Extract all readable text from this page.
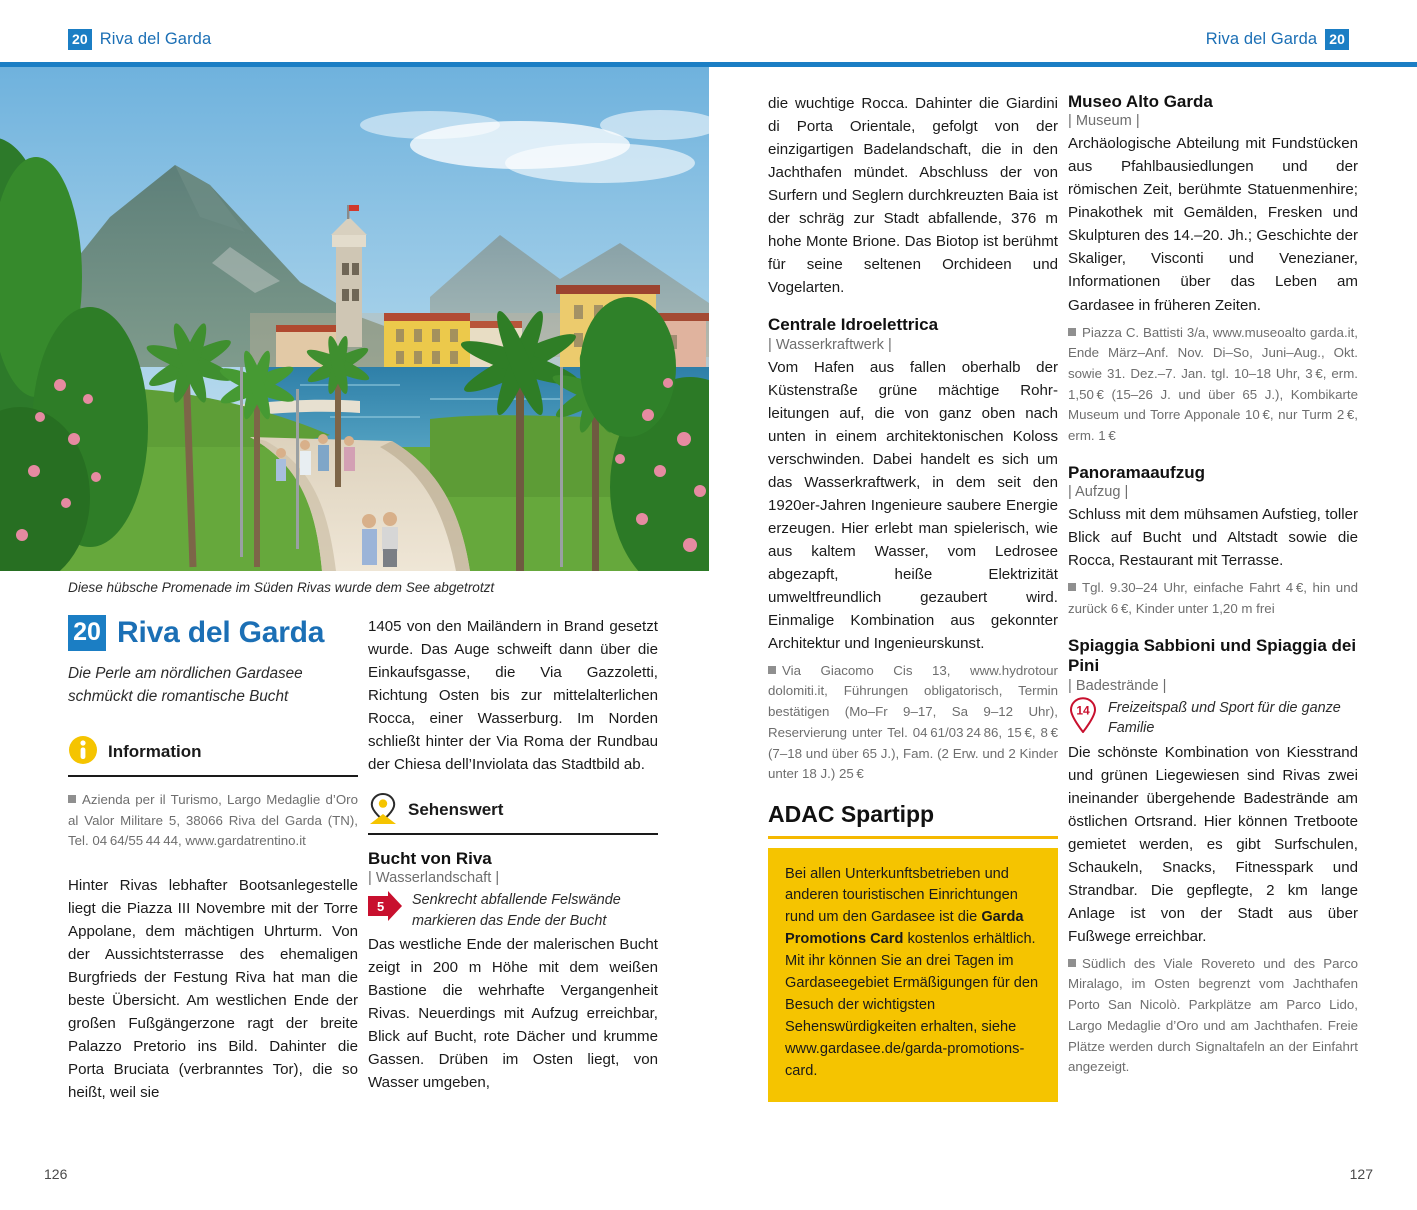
20 Riva del Garda	Riva del Garda 20
Diese hübsche Promenade im Süden Rivas wurde dem See abgetrotzt
20 Riva del Garda
Die Perle am nördlichen Gardasee schmückt die romantische Bucht
Information

Azienda per il Turismo, Largo Medaglie d’Oro al Valor Militare 5, 38066 Riva del Garda (TN), Tel. 04 64/55 44 44, www.gardatrentino.it

Hinter Rivas lebhafter Bootsanlegestelle liegt die Piazza III Novembre mit der Torre Appolane, dem mächtigen Uhrturm. Von der Aussichtsterrasse des ehemaligen Burgfrieds der Festung Riva hat man die beste Übersicht. Am westlichen Ende der großen Fußgängerzone ragt der breite Palazzo Pretorio ins Bild. Dahinter die Porta Bruciata (verbranntes Tor), die so heißt, weil sie

1405 von den Mailändern in Brand gesetzt wurde. Das Auge schweift dann über die Einkaufsgasse, die Via Gazzoletti, Richtung Osten bis zur mittelalterlichen Rocca, einer Wasserburg. Im Norden schließt hinter der Via Roma der Rundbau der Chiesa dell’Inviolata das Stadtbild ab.

Sehenswert
Bucht von Riva
| Wasserlandschaft |
5 Senkrecht abfallende Felswände markieren das Ende der Bucht

Das westliche Ende der malerischen Bucht zeigt in 200 m Höhe mit dem weißen Bastione die wehrhafte Vergangenheit Rivas. Neuerdings mit Aufzug erreichbar, Blick auf Bucht, rote Dächer und krumme Gassen. Drüben im Osten liegt, von Wasser umgeben,

die wuchtige Rocca. Dahinter die Giardini di Porta Orientale, gefolgt von der einzigartigen Badelandschaft, die in den Jachthafen mündet. Abschluss der von Surfern und Seglern durchkreuzten Baia ist der schräg zur Stadt abfallende, 376 m hohe Monte Brione. Das Biotop ist berühmt für seine seltenen Orchideen und Vogelarten.

Centrale Idroelettrica
| Wasserkraftwerk |

Vom Hafen aus fallen oberhalb der Küstenstraße grüne mächtige Rohrleitungen auf, die von ganz oben nach unten in einem architektonischen Koloss verschwinden. Dabei handelt es sich um das Wasserkraftwerk, in dem seit den 1920er-Jahren Ingenieure saubere Energie erzeugen. Hier erlebt man spielerisch, wie aus kaltem Wasser, vom Ledrosee abgezapft, heiße Elektrizität umweltfreundlich gezaubert wird. Einmalige Kombination aus gekonnter Architektur und Ingenieurskunst.

Via Giacomo Cis 13, www.hydrotour dolomiti.it, Führungen obligatorisch, Termin bestätigen (Mo–Fr 9–17, Sa 9–12 Uhr), Reservierung unter Tel. 04 61/03 24 86, 15 €, 8 € (7–18 und über 65 J.), Fam. (2 Erw. und 2 Kinder unter 18 J.) 25 €

ADAC Spartipp

Bei allen Unterkunftsbetrieben und anderen touristischen Einrichtungen rund um den Gardasee ist die Garda Promotions Card kostenlos erhältlich. Mit ihr können Sie an drei Tagen im Gardaseegebiet Ermäßigungen für den Besuch der wichtigsten Sehenswürdigkeiten erhalten, siehe www.gardasee.de/garda-promotions-card.

Museo Alto Garda
| Museum |

Archäologische Abteilung mit Fundstücken aus Pfahlbausiedlungen und der römischen Zeit, berühmte Statuenmenhire; Pinakothek mit Gemälden, Fresken und Skulpturen des 14.–20. Jh.; Geschichte der Skaliger, Visconti und Venezianer, Informationen über das Leben am Gardasee in früheren Zeiten.

Piazza C. Battisti 3/a, www.museoalto garda.it, Ende März–Anf. Nov. Di–So, Juni–Aug., Okt. sowie 31. Dez.–7. Jan. tgl. 10–18 Uhr, 3 €, erm. 1,50 € (15–26 J. und über 65 J.), Kombikarte Museum und Torre Apponale 10 €, nur Turm 2 €, erm. 1 €

Panoramaaufzug
| Aufzug |

Schluss mit dem mühsamen Aufstieg, toller Blick auf Bucht und Altstadt sowie die Rocca, Restaurant mit Terrasse.

Tgl. 9.30–24 Uhr, einfache Fahrt 4 €, hin und zurück 6 €, Kinder unter 1,20 m frei

Spiaggia Sabbioni und Spiaggia dei Pini
| Badestrände |
14 Freizeitspaß und Sport für die ganze Familie

Die schönste Kombination von Kiesstrand und grünen Liegewiesen sind Rivas zwei ineinander übergehende Badestrände am östlichen Ortsrand. Hier können Tretboote gemietet werden, es gibt Surfschulen, Schaukeln, Snacks, Fitnesspark und Strandbar. Die gepflegte, 2 km lange Anlage ist von der Stadt aus über Fußwege erreichbar.

Südlich des Viale Rovereto und des Parco Miralago, im Osten begrenzt vom Jachthafen Porto San Nicolò. Parkplätze am Parco Lido, Largo Medaglie d’Oro und am Jachthafen. Freie Plätze werden durch Signaltafeln an der Einfahrt angezeigt.

126	127
